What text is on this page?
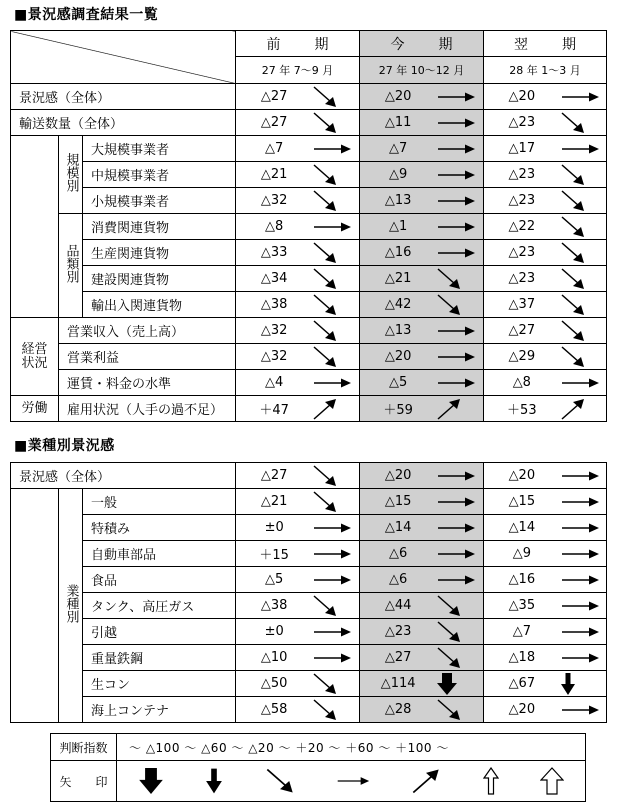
■景況感調査結果一覧
			前　期	今　期	翌　期
			27 年 7～9 月	27 年 10～12 月	28 年 1～3 月
景況感（全体）			△27	△20	△20

輸送数量（全体）			△27	△11	△23

	規模別	大規模事業者	△7	△7	△17

		中規模事業者	△21	△9	△23

		小規模事業者	△32	△13	△23

	品類別	消費関連貨物	△8	△1	△22

		生産関連貨物	△33	△16	△23

		建設関連貨物	△34	△21	△23

		輸出入関連貨物	△38	△42	△37

経営状況	営業収入（売上高）		△32	△13	△27

	営業利益		△32	△20	△29

	運賃・料金の水準		△4	△5	△8

労働	雇用状況（人手の過不足）		＋47	＋59	＋53
■業種別景況感
景況感（全体）			△27	△20	△20

	業種別	一般	△21	△15	△15

		特積み	±0	△14	△14

		自動車部品	＋15	△6	△9

		食品	△5	△6	△16

		タンク、高圧ガス	△38	△44	△35

		引越	±0	△23	△7

		重量鉄鋼	△10	△27	△18

		生コン	△50	△114	△67

		海上コンテナ	△58	△28	△20
判断指数	～ △100 ～ △60 ～ △20 ～ ＋20 ～ ＋60 ～ ＋100 ～
矢　　印	
